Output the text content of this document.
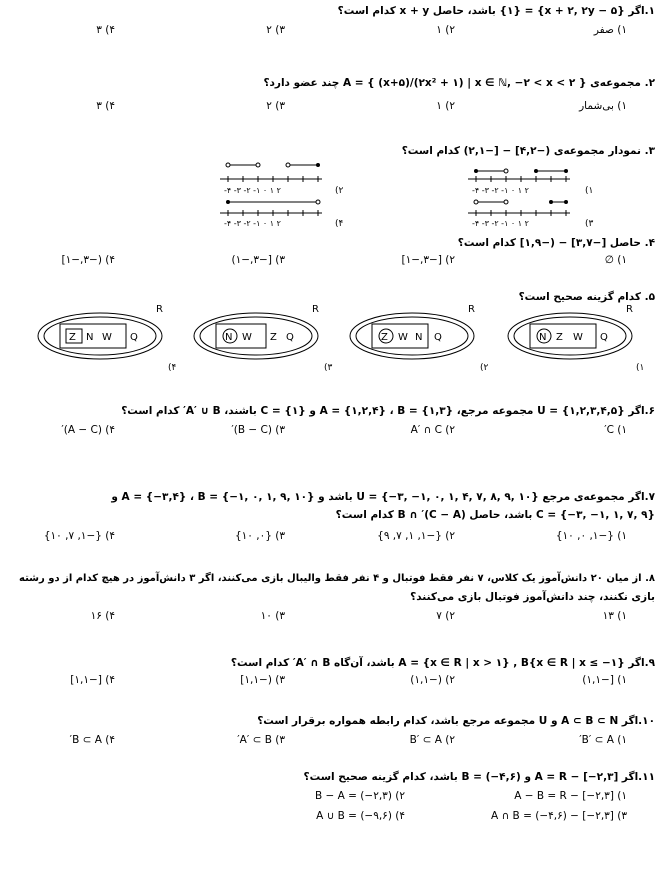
۱.اگر {x + ۲, ۲y − ۵} = {۱} باشد، حاصل x + y کدام است؟
۱) صفر
۲) ۱
۳) ۲
۴) ۳
۲. مجموعه‌ی A = { (x+۵)/(۲x² + ۱) | x ∈ ℕ, −۲ < x < ۲ } چند عضو دارد؟
۱) بی‌شمار
۲) ۱
۳) ۲
۴) ۳
۳. نمودار مجموعه‌ی (−۴,۲] − [−۲,۱) کدام است؟
-۴ -۳ -۲ -۱ ۰ ۱ ۲	(۱
-۴ -۳ -۲ -۱ ۰ ۱ ۲	(۲
-۴ -۳ -۲ -۱ ۰ ۱ ۲	(۳
-۴ -۳ -۲ -۱ ۰ ۱ ۲	(۴
۴. حاصل [−۳,۷] − (−۱,۹] کدام است؟
۱) ∅
۲) [−۳,−۱]
۳) [−۳,−۱)
۴) (−۳,−۱]
۵. کدام گزینه صحیح است؟
Z N W Q
R
(۴
N W Z Q
R
(۳
Z W N Q
R
(۲
N Z W Q
R
(۱
۶.اگر U = {۱,۲,۳,۴,۵} مجموعه مرجع، A = {۱,۲,۴} ، B = {۱,۳} و C = {۱} باشند، A′ ∪ B′ کدام است؟
۱) C′
۲) A′ ∩ C
۳) (B − C)′
۴) (A − C)′
۷.اگر مجموعه‌ی مرجع U = {−۳, −۱, ۰, ۱, ۴, ۷, ۸, ۹, ۱۰} باشد و A = {−۳,۴} ، B = {−۱, ۰, ۱, ۹, ۱۰} و
C = {−۳, −۱, ۱, ۷, ۹} باشد، حاصل (C − A)′ ∩ B کدام است؟
۱) {−۱, ۰, ۱۰}
۲) {−۱, ۱, ۷, ۹}
۳) {۰, ۱۰}
۴) {−۱, ۷, ۱۰}
۸. از میان ۲۰ دانش‌آموز یک کلاس، ۷ نفر فقط فوتبال و ۴ نفر فقط والیبال بازی می‌کنند، اگر ۳ دانش‌آموز در هیچ کدام از دو رشته
بازی نکنند، چند دانش‌آموز فوتبال بازی می‌کنند؟
۱) ۱۳
۲) ۷
۳) ۱۰
۴) ۱۶
۹.اگر A = {x ∈ R | x > ۱} , B{x ∈ R | x ≤ −۱} باشد، آن‌گاه A′ ∩ B′ کدام است؟
۱) [−۱,۱)
۲) (−۱,۱)
۳) (−۱,۱]
۴) [−۱,۱]
۱۰.اگر A ⊂ B ⊂ N و U مجموعه مرجع باشد، کدام رابطه همواره برقرار است؟
۱) B′ ⊂ A′
۲) B′ ⊂ A
۳) A′ ⊂ B′
۴) B ⊂ A′
۱۱.اگر A = R − [−۲,۳] و B = (−۴,۶) باشد، کدام گزینه صحیح است؟
۱) A − B = R − [−۲,۳]
۲) B − A = (−۲,۳)
۳) A ∩ B = (−۴,۶) − [−۲,۳]
۴) A ∪ B = (−۹,۶)
